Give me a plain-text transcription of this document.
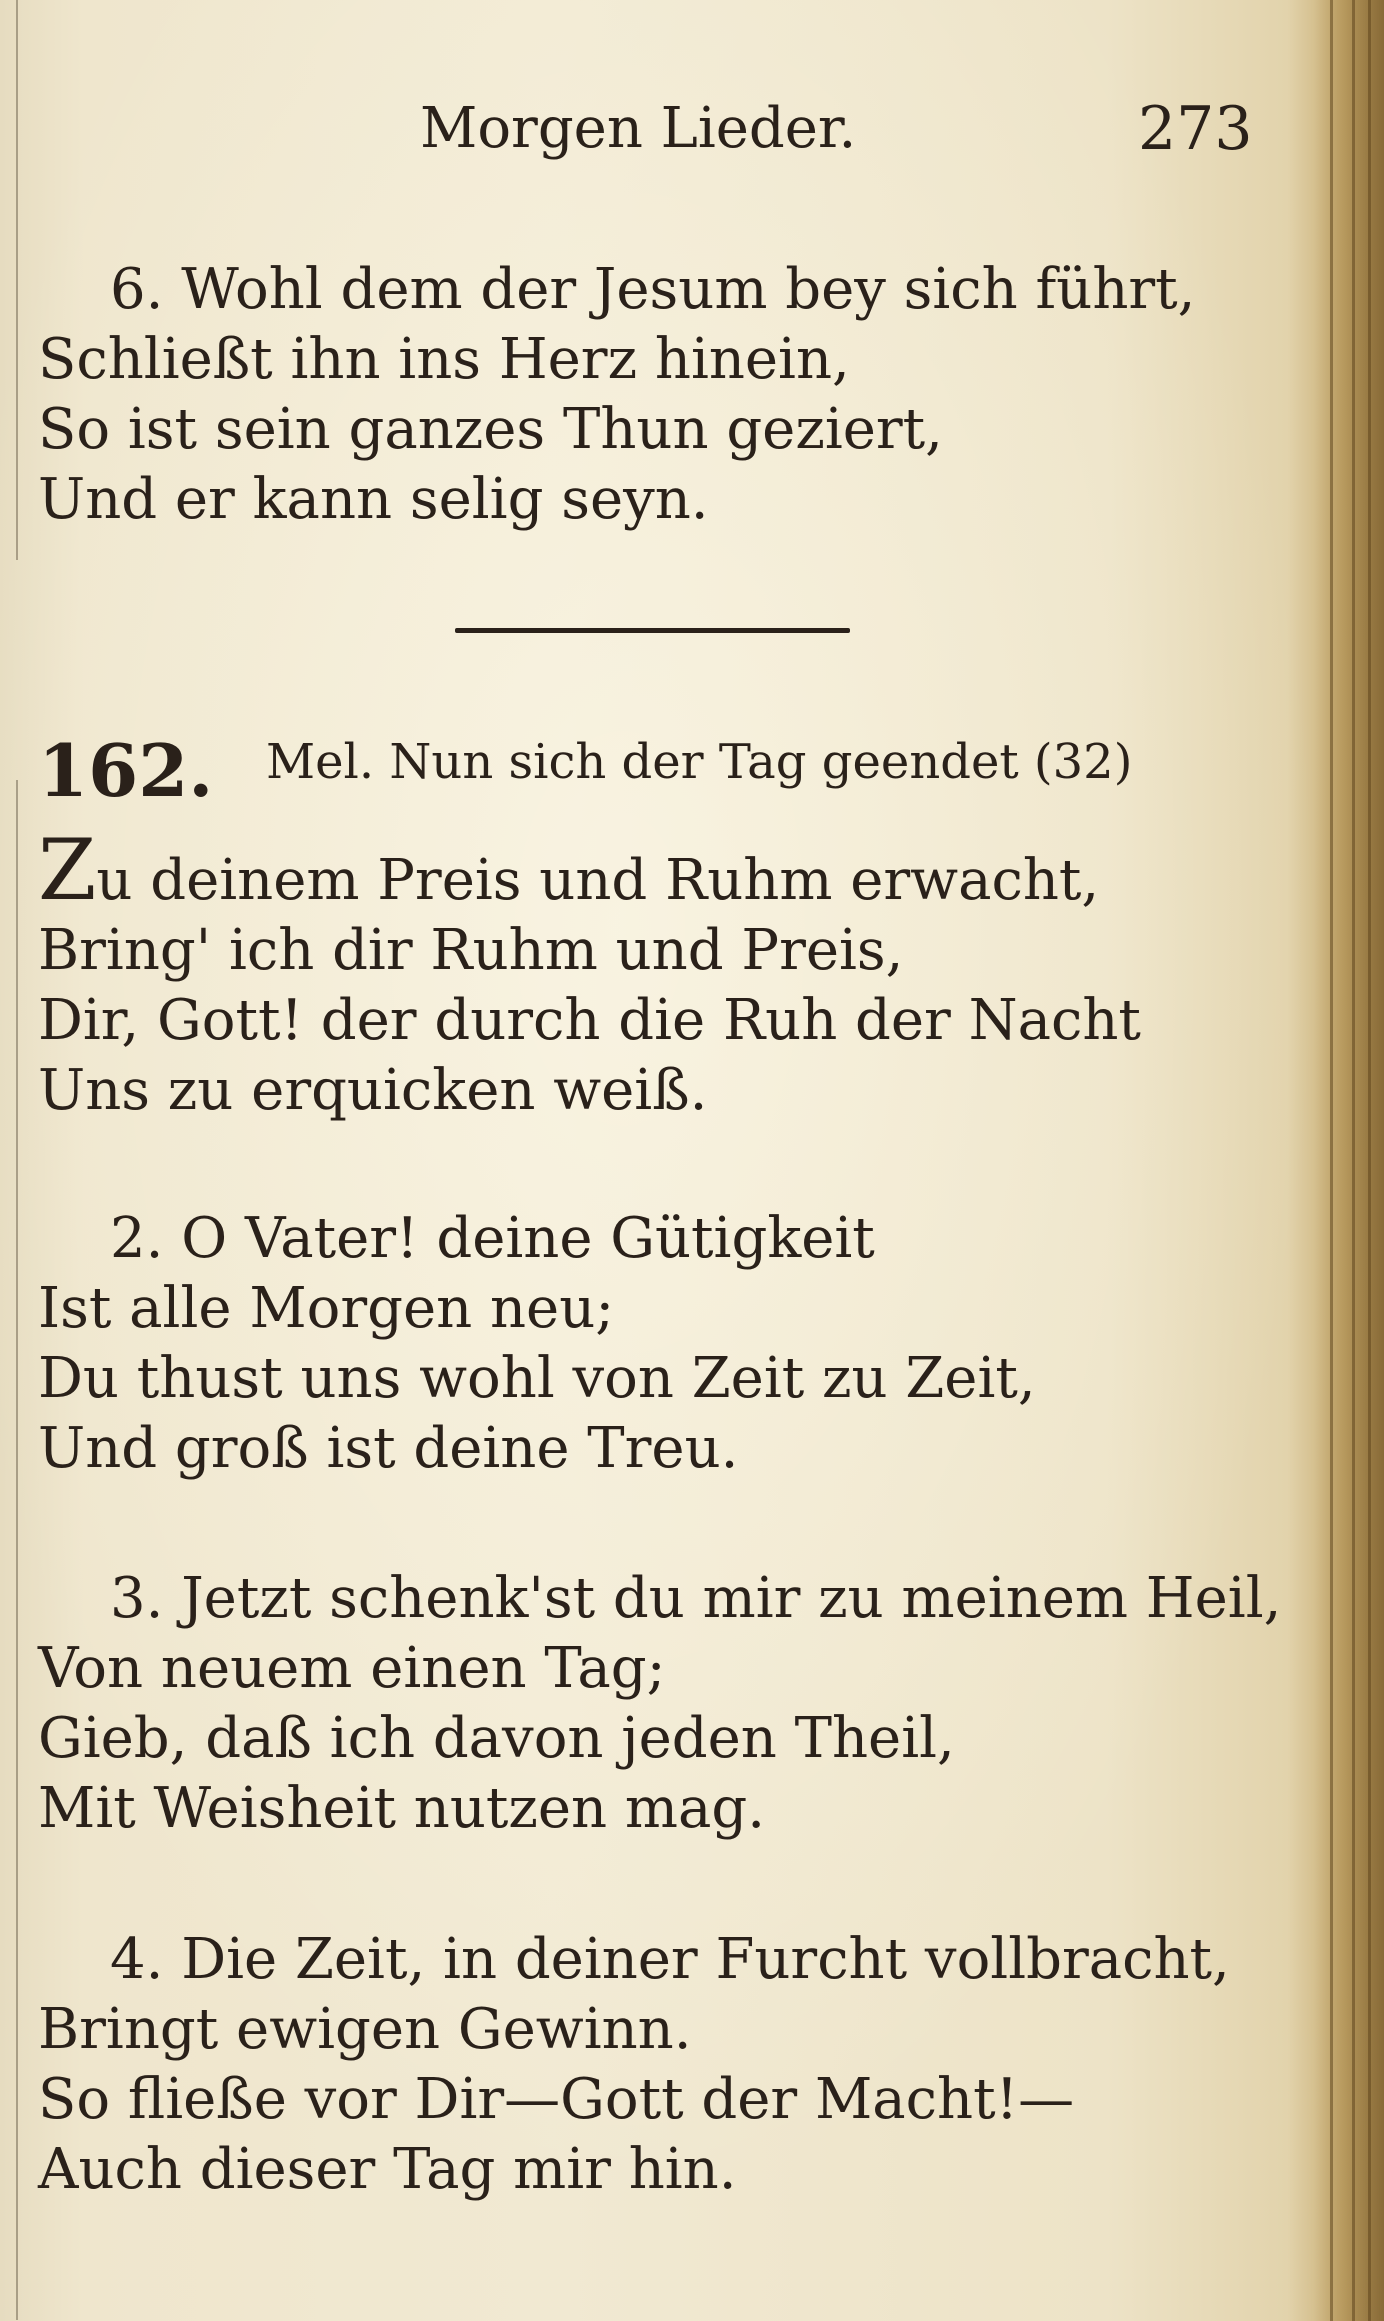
Morgen Lieder.	273

6. Wohl dem der Jesum bey sich führt,
Schließt ihn ins Herz hinein,
So ist sein ganzes Thun geziert,
Und er kann selig seyn.

162. Mel. Nun sich der Tag geendet (32)

Zu deinem Preis und Ruhm erwacht,
Bring' ich dir Ruhm und Preis,
Dir, Gott! der durch die Ruh der Nacht
Uns zu erquicken weiß.
2. O Vater! deine Gütigkeit
Ist alle Morgen neu;
Du thust uns wohl von Zeit zu Zeit,
Und groß ist deine Treu.
3. Jetzt schenk'st du mir zu meinem Heil,
Von neuem einen Tag;
Gieb, daß ich davon jeden Theil,
Mit Weisheit nutzen mag.
4. Die Zeit, in deiner Furcht vollbracht,
Bringt ewigen Gewinn.
So fließe vor Dir—Gott der Macht!—
Auch dieser Tag mir hin.
